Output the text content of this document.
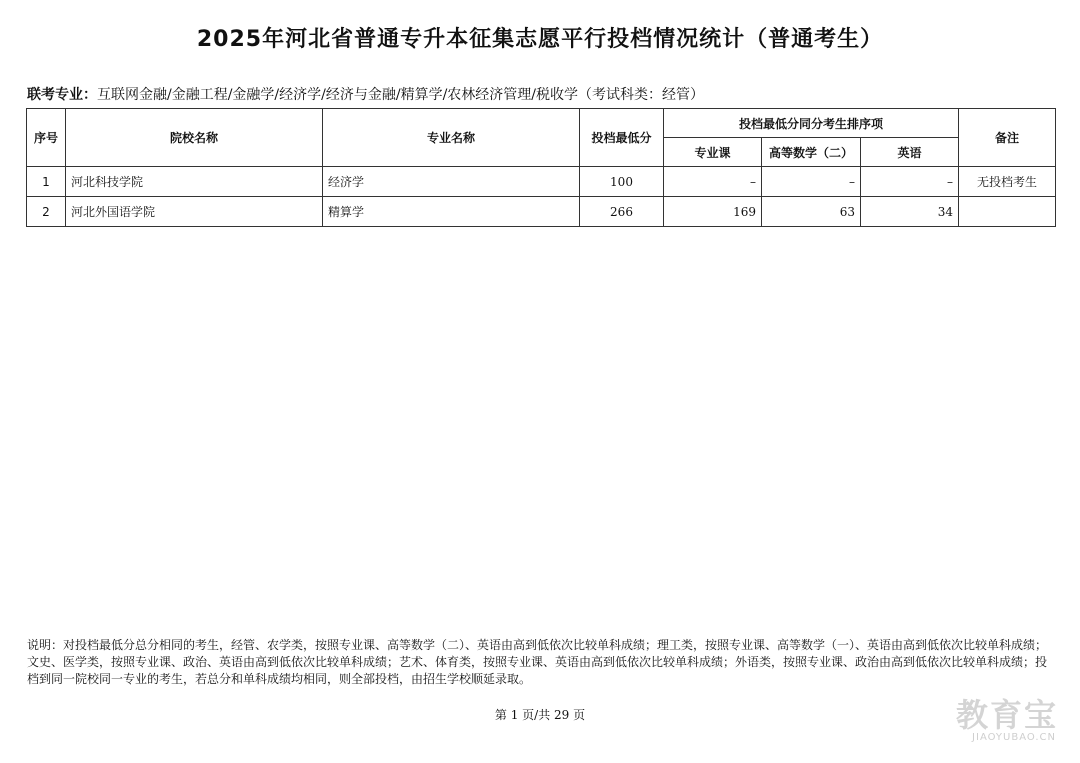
2025年河北省普通专升本征集志愿平行投档情况统计（普通考生）
联考专业：互联网金融/金融工程/金融学/经济学/经济与金融/精算学/农林经济管理/税收学（考试科类：经管）
序号	院校名称	专业名称	投档最低分	投档最低分同分考生排序项			备注
				专业课	高等数学（二）	英语	
1	河北科技学院	经济学	100	–	–	–	无投档考生
2	河北外国语学院	精算学	266	169	63	34	
说明：对投档最低分总分相同的考生，经管、农学类，按照专业课、高等数学（二）、英语由高到低依次比较单科成绩；理工类，按照专业课、高等数学（一）、英语由高到低依次比较单科成绩；文史、医学类，按照专业课、政治、英语由高到低依次比较单科成绩；艺术、体育类，按照专业课、英语由高到低依次比较单科成绩；外语类，按照专业课、政治由高到低依次比较单科成绩；投档到同一院校同一专业的考生，若总分和单科成绩均相同，则全部投档，由招生学校顺延录取。
第 1 页/共 29 页	教育宝
JIAOYUBAO.CN
